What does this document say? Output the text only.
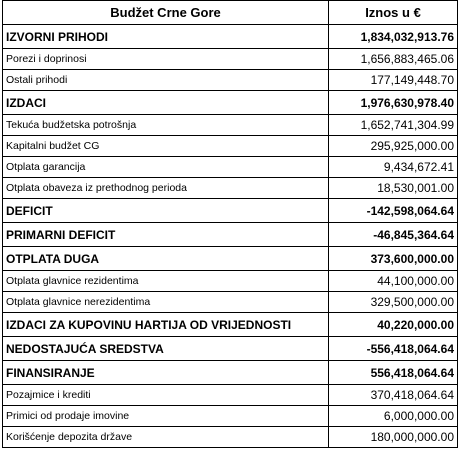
Budžet Crne Gore	Iznos u €
IZVORNI PRIHODI	1,834,032,913.76
Porezi i doprinosi	1,656,883,465.06
Ostali prihodi	177,149,448.70
IZDACI	1,976,630,978.40
Tekuća budžetska potrošnja	1,652,741,304.99
Kapitalni budžet CG	295,925,000.00
Otplata garancija	9,434,672.41
Otplata obaveza iz prethodnog perioda	18,530,001.00
DEFICIT	-142,598,064.64
PRIMARNI DEFICIT	-46,845,364.64
OTPLATA DUGA	373,600,000.00
Otplata glavnice rezidentima	44,100,000.00
Otplata glavnice nerezidentima	329,500,000.00
IZDACI ZA KUPOVINU HARTIJA OD VRIJEDNOSTI	40,220,000.00
NEDOSTAJUĆA SREDSTVA	-556,418,064.64
FINANSIRANJE	556,418,064.64
Pozajmice i krediti	370,418,064.64
Primici od prodaje imovine	6,000,000.00
Korišćenje depozita države	180,000,000.00
